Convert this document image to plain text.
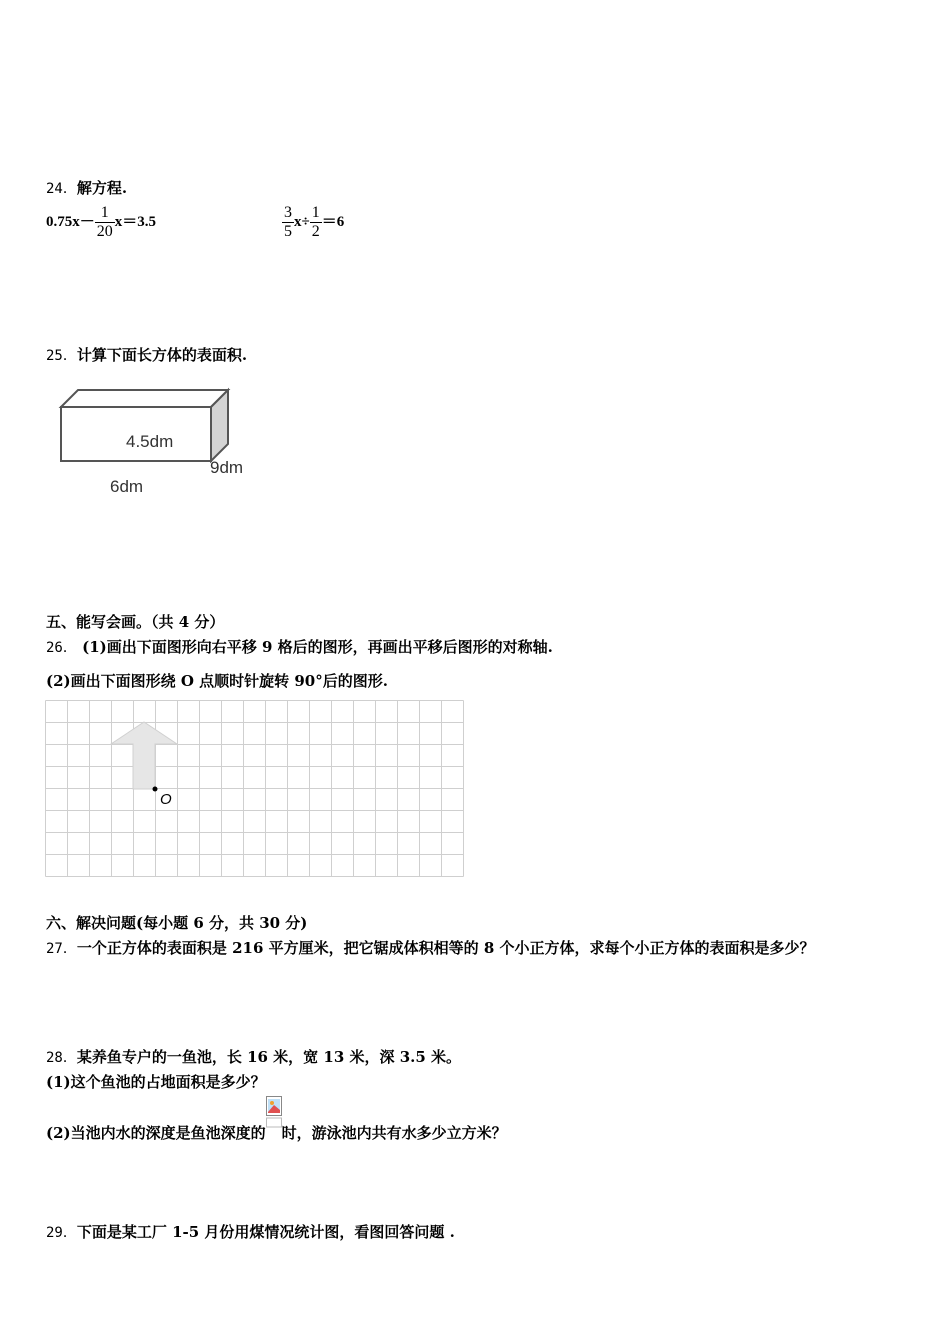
24．解方程.
$0.75x- \frac{1}{20} x=3.5$	$\frac{3}{5} x\div \frac{1}{2} =6$
25．计算下面长方体的表面积.
4.5dm
9dm
6dm
五、能写会画。（共 4 分）
26． (1)画出下面图形向右平移 9 格后的图形，再画出平移后图形的对称轴.
(2)画出下面图形绕 O 点顺时针旋转 90°后的图形.
O
六、解决问题(每小题 6 分，共 30 分)
27．一个正方体的表面积是 216 平方厘米，把它锯成体积相等的 8 个小正方体，求每个小正方体的表面积是多少？
28．某养鱼专户的一鱼池，长 16 米，宽 13 米，深 3.5 米。
(1)这个鱼池的占地面积是多少？
(2)当池内水的深度是鱼池深度的 时，游泳池内共有水多少立方米？
29．下面是某工厂 1-5 月份用煤情况统计图，看图回答问题 .
